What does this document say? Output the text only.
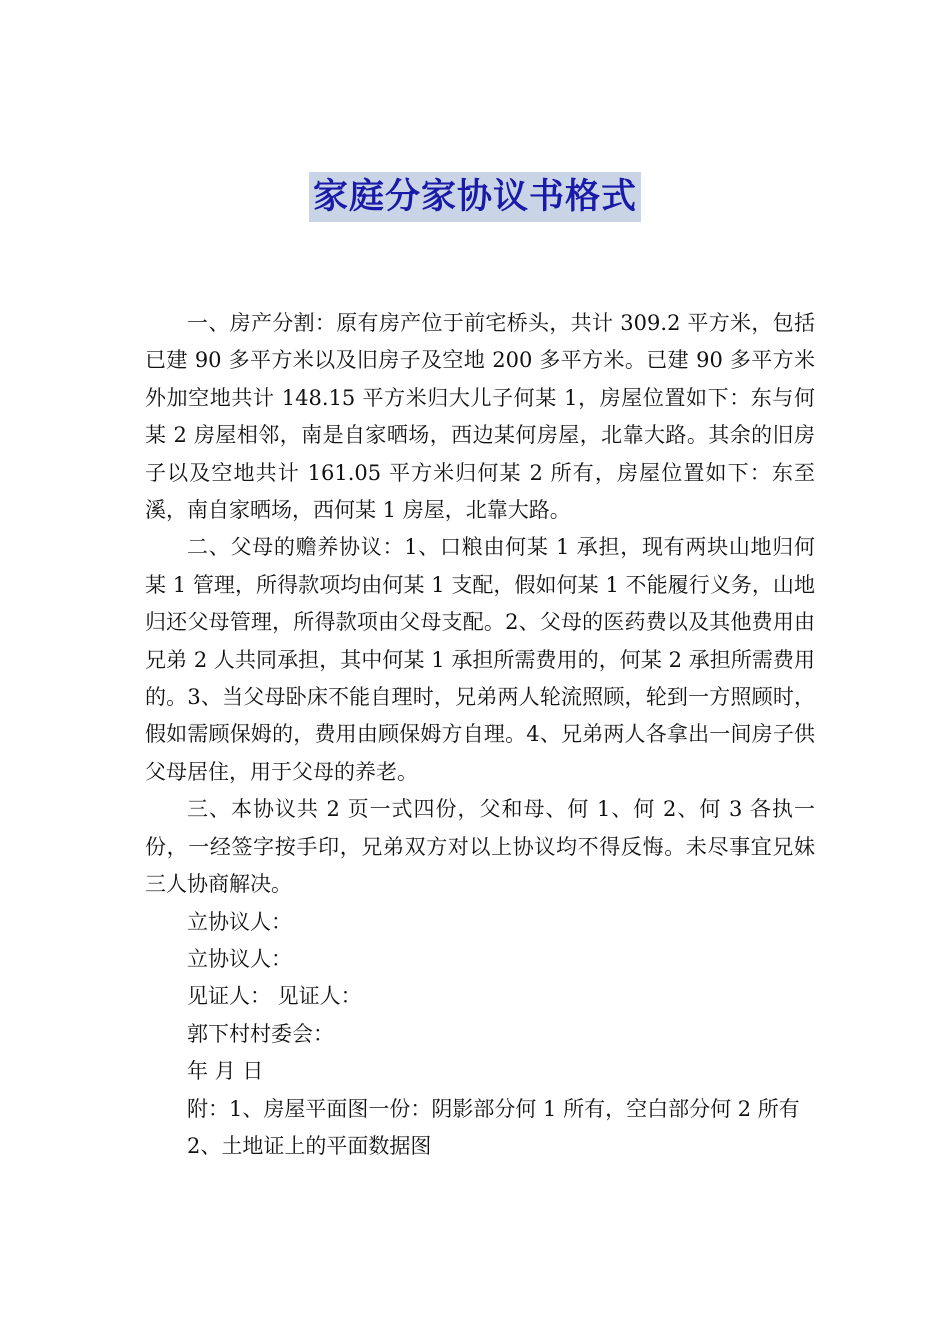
家庭分家协议书格式

一、房产分割：原有房产位于前宅桥头，共计 309.2 平方米，包括已建 90 多平方米以及旧房子及空地 200 多平方米。已建 90 多平方米外加空地共计 148.15 平方米归大儿子何某 1，房屋位置如下：东与何某 2 房屋相邻，南是自家晒场，西边某何房屋，北靠大路。其余的旧房子以及空地共计 161.05 平方米归何某 2 所有，房屋位置如下：东至溪，南自家晒场，西何某 1 房屋，北靠大路。

二、父母的赡养协议：1、口粮由何某 1 承担，现有两块山地归何某 1 管理，所得款项均由何某 1 支配，假如何某 1 不能履行义务，山地归还父母管理，所得款项由父母支配。2、父母的医药费以及其他费用由兄弟 2 人共同承担，其中何某 1 承担所需费用的，何某 2 承担所需费用的。3、当父母卧床不能自理时，兄弟两人轮流照顾，轮到一方照顾时，假如需顾保姆的，费用由顾保姆方自理。4、兄弟两人各拿出一间房子供父母居住，用于父母的养老。

三、本协议共 2 页一式四份，父和母、何 1、何 2、何 3 各执一份，一经签字按手印，兄弟双方对以上协议均不得反悔。未尽事宜兄妹三人协商解决。

立协议人：

立协议人：

见证人： 见证人：

郭下村村委会：

年 月 日

附：1、房屋平面图一份：阴影部分何 1 所有，空白部分何 2 所有

2、土地证上的平面数据图
